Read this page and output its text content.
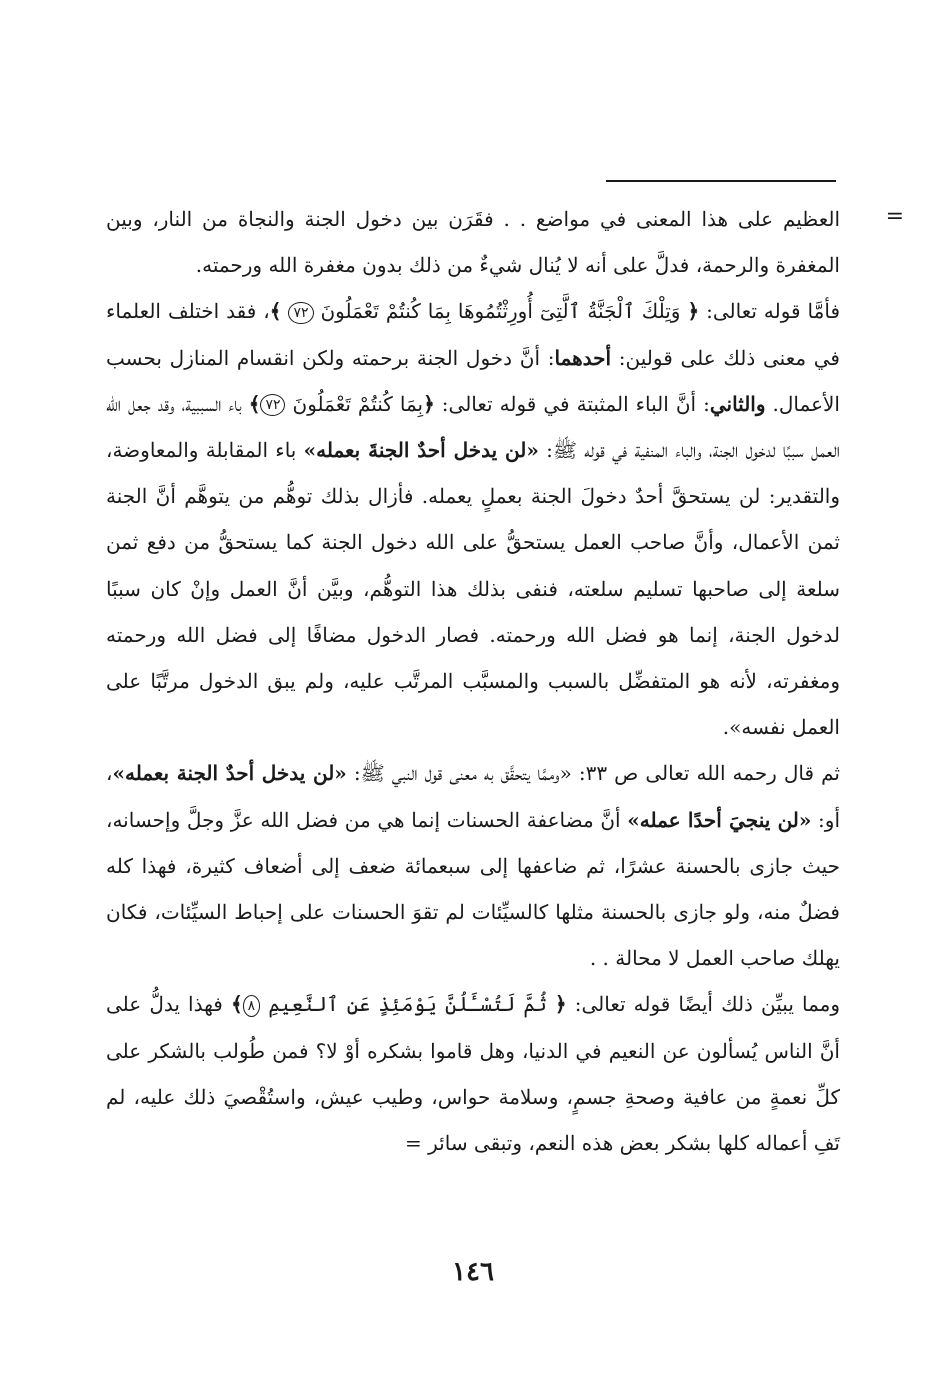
=

العظيم على هذا المعنى في مواضع . . فقَرَن بين دخول الجنة والنجاة من النار، وبين المغفرة والرحمة، فدلَّ على أنه لا يُنال شيءٌ من ذلك بدون مغفرة الله ورحمته.

فأمَّا قوله تعالى: ﴿ وَتِلْكَ ٱلْجَنَّةُ ٱلَّتِىٓ أُورِثْتُمُوهَا بِمَا كُنتُمْ تَعْمَلُونَ ٧٢ ﴾، فقد اختلف العلماء في معنى ذلك على قولين: أحدهما: أنَّ دخول الجنة برحمته ولكن انقسام المنازل بحسب الأعمال. والثاني: أنَّ الباء المثبتة في قوله تعالى: ﴿بِمَا كُنتُمْ تَعْمَلُونَ ٧٢﴾ باء السببية، وقد جعل الله العمل سببًا لدخول الجنة، والباء المنفية في قوله ﷺ: «لن يدخل أحدٌ الجنةَ بعمله» باء المقابلة والمعاوضة، والتقدير: لن يستحقَّ أحدٌ دخولَ الجنة بعملٍ يعمله. فأزال بذلك توهُّم من يتوهَّم أنَّ الجنة ثمن الأعمال، وأنَّ صاحب العمل يستحقُّ على الله دخول الجنة كما يستحقُّ من دفع ثمن سلعة إلى صاحبها تسليم سلعته، فنفى بذلك هذا التوهُّم، وبيَّن أنَّ العمل وإنْ كان سببًا لدخول الجنة، إنما هو فضل الله ورحمته. فصار الدخول مضافًا إلى فضل الله ورحمته ومغفرته، لأنه هو المتفضِّل بالسبب والمسبَّب المرتَّب عليه، ولم يبق الدخول مرتَّبًا على العمل نفسه».

ثم قال رحمه الله تعالى ص ٣٣: «وممَّا يتحقَّق به معنى قول النبي ﷺ: «لن يدخل أحدٌ الجنة بعمله»، أو: «لن ينجيَ أحدًا عمله» أنَّ مضاعفة الحسنات إنما هي من فضل الله عزَّ وجلَّ وإحسانه، حيث جازى بالحسنة عشرًا، ثم ضاعفها إلى سبعمائة ضعف إلى أضعاف كثيرة، فهذا كله فضلٌ منه، ولو جازى بالحسنة مثلها كالسيِّئات لم تقوَ الحسنات على إحباط السيِّئات، فكان يهلك صاحب العمل لا محالة . .

ومما يبيِّن ذلك أيضًا قوله تعالى: ﴿ ثُمَّ لَتُسْـَٔلُنَّ يَوْمَئِذٍ عَنِ ٱلنَّعِيمِ ٨﴾ فهذا يدلُّ على أنَّ الناس يُسألون عن النعيم في الدنيا، وهل قاموا بشكره أوْ لا؟ فمن طُولب بالشكر على كلِّ نعمةٍ من عافية وصحةِ جسمٍ، وسلامة حواس، وطيب عيش، واستُقْصيَ ذلك عليه، لم تَفِ أعماله كلها بشكر بعض هذه النعم، وتبقى سائر =

١٤٦
